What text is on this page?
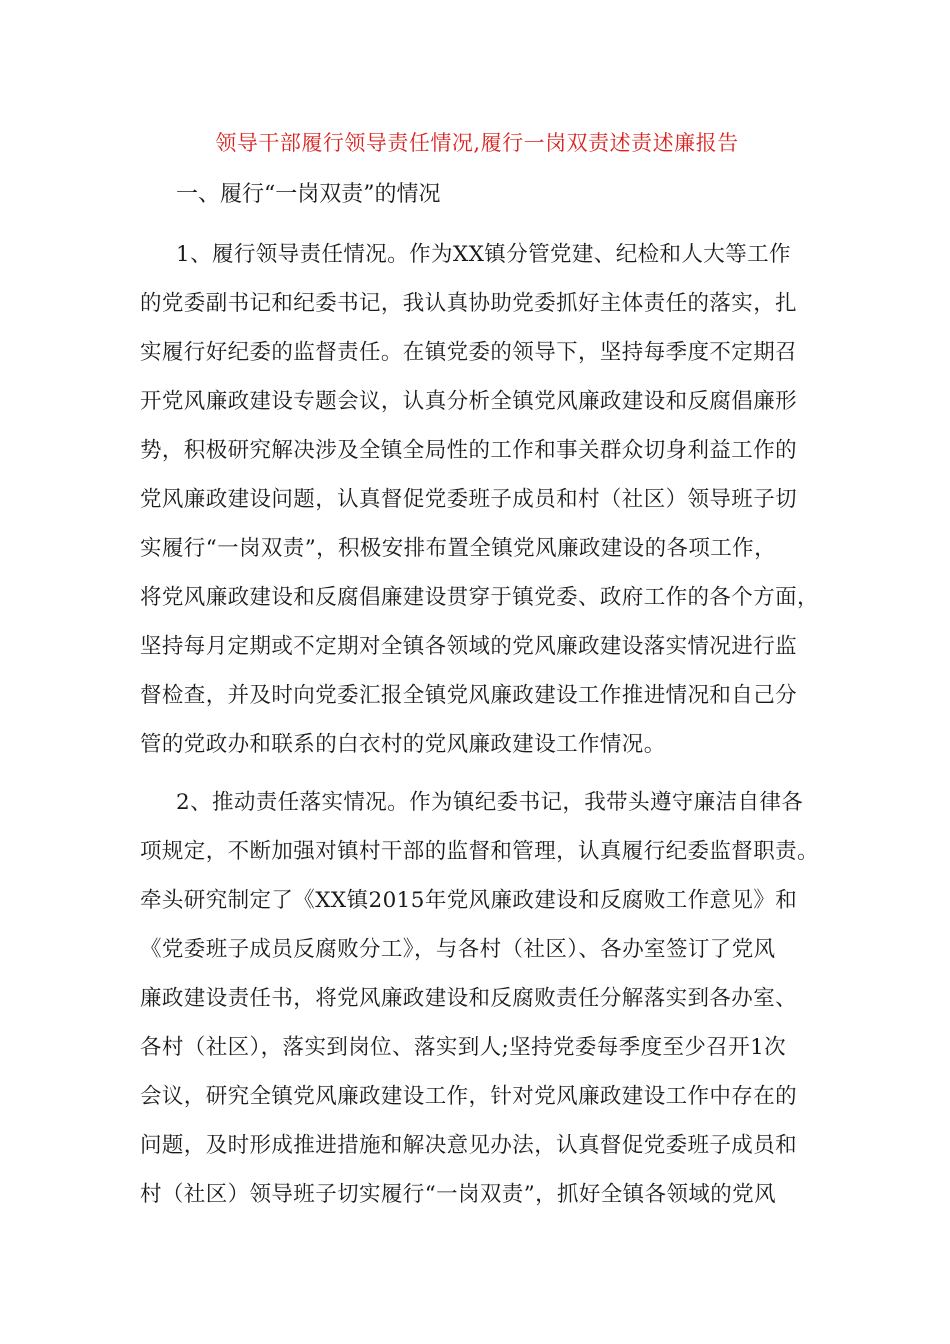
领导干部履行领导责任情况,履行一岗双责述责述廉报告
一、履行“一岗双责”的情况
1、履行领导责任情况。作为XX镇分管党建、纪检和人大等工作
的党委副书记和纪委书记，我认真协助党委抓好主体责任的落实，扎
实履行好纪委的监督责任。在镇党委的领导下，坚持每季度不定期召
开党风廉政建设专题会议，认真分析全镇党风廉政建设和反腐倡廉形
势，积极研究解决涉及全镇全局性的工作和事关群众切身利益工作的
党风廉政建设问题，认真督促党委班子成员和村（社区）领导班子切
实履行“一岗双责”，积极安排布置全镇党风廉政建设的各项工作，
将党风廉政建设和反腐倡廉建设贯穿于镇党委、政府工作的各个方面，
坚持每月定期或不定期对全镇各领域的党风廉政建设落实情况进行监
督检查，并及时向党委汇报全镇党风廉政建设工作推进情况和自己分
管的党政办和联系的白衣村的党风廉政建设工作情况。
2、推动责任落实情况。作为镇纪委书记，我带头遵守廉洁自律各
项规定，不断加强对镇村干部的监督和管理，认真履行纪委监督职责。
牵头研究制定了《XX镇2015年党风廉政建设和反腐败工作意见》和
《党委班子成员反腐败分工》，与各村（社区）、各办室签订了党风
廉政建设责任书，将党风廉政建设和反腐败责任分解落实到各办室、
各村（社区），落实到岗位、落实到人;坚持党委每季度至少召开1次
会议，研究全镇党风廉政建设工作，针对党风廉政建设工作中存在的
问题，及时形成推进措施和解决意见办法，认真督促党委班子成员和
村（社区）领导班子切实履行“一岗双责”，抓好全镇各领域的党风
